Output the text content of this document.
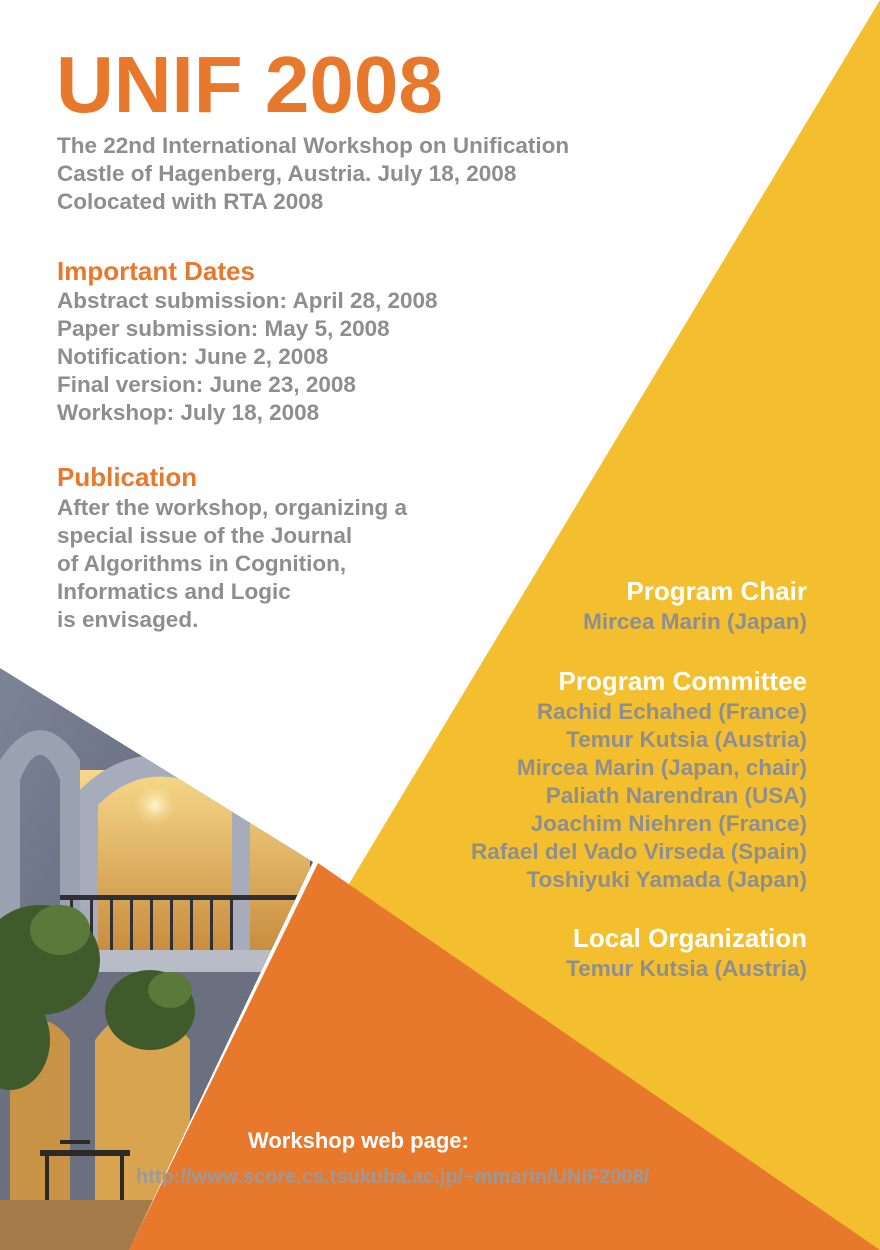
UNIF 2008
The 22nd International Workshop on Unification
Castle of Hagenberg, Austria. July 18, 2008
Colocated with RTA 2008
Important Dates
Abstract submission: April 28, 2008
Paper submission: May 5, 2008
Notification: June 2, 2008
Final version: June 23, 2008
Workshop: July 18, 2008
Publication
After the workshop, organizing a
special issue of the Journal
of Algorithms in Cognition,
Informatics and Logic
is envisaged.
Program Chair
Mircea Marin (Japan)
Program Committee
Rachid Echahed (France)
Temur Kutsia (Austria)
Mircea Marin (Japan, chair)
Paliath Narendran (USA)
Joachim Niehren (France)
Rafael del Vado Virseda (Spain)
Toshiyuki Yamada (Japan)
Local Organization
Temur Kutsia (Austria)
Workshop web page:
http://www.score.cs.tsukuba.ac.jp/~mmarin/UNIF2008/
